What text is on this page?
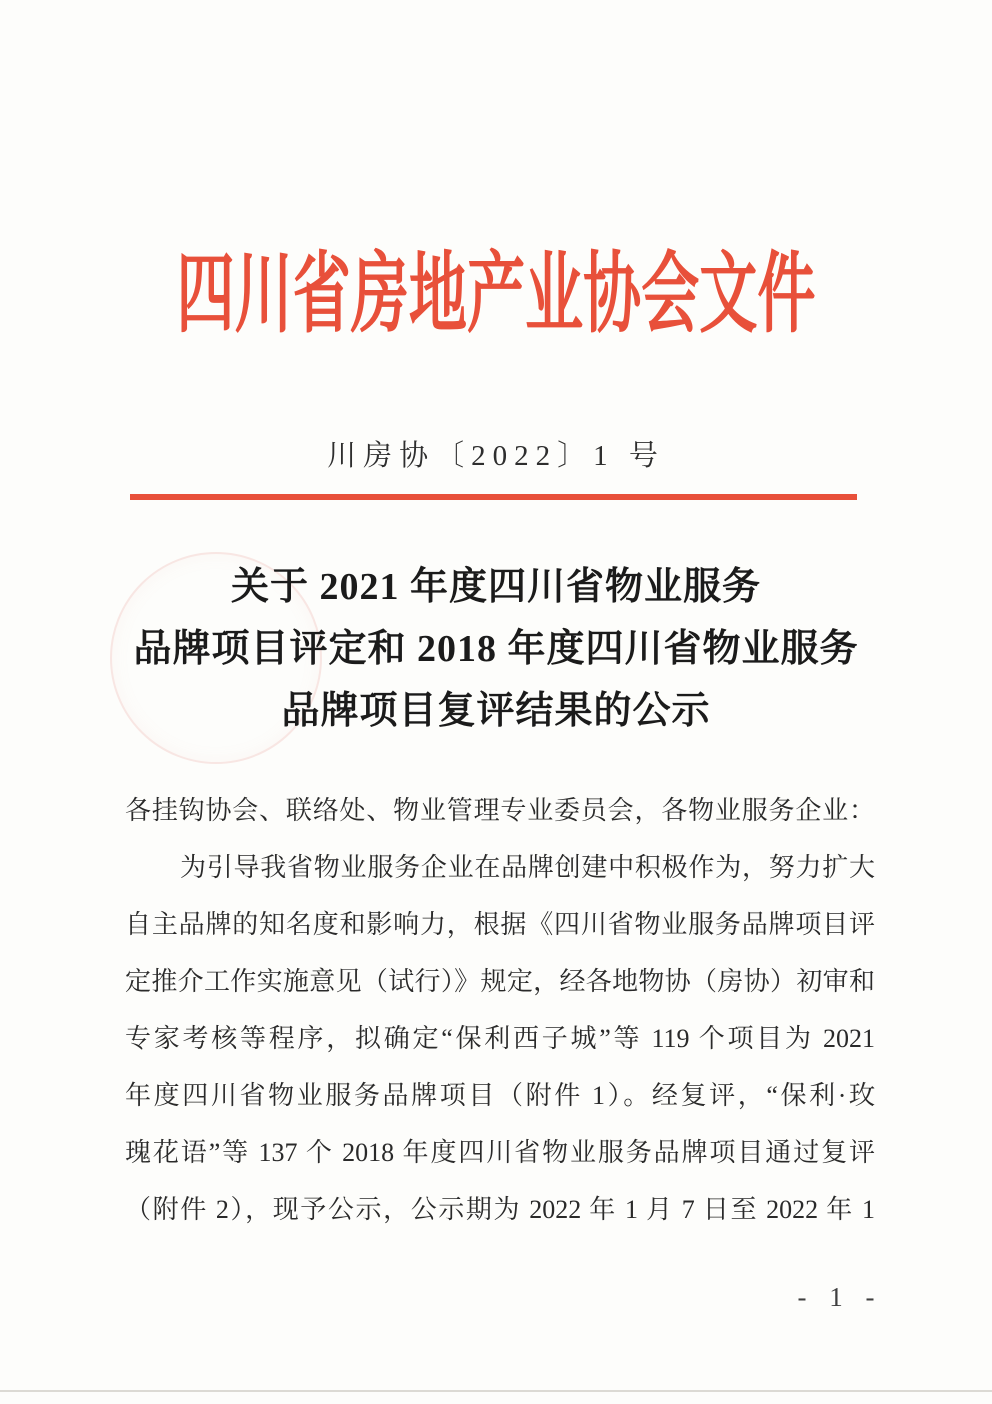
四川省房地产业协会文件
川房协〔2022〕1 号
关于 2021 年度四川省物业服务
品牌项目评定和 2018 年度四川省物业服务
品牌项目复评结果的公示
各挂钩协会、联络处、物业管理专业委员会，各物业服务企业：
为引导我省物业服务企业在品牌创建中积极作为，努力扩大
自主品牌的知名度和影响力，根据《四川省物业服务品牌项目评
定推介工作实施意见（试行）》规定，经各地物协（房协）初审和
专家考核等程序，拟确定“保利西子城”等 119 个项目为 2021
年度四川省物业服务品牌项目（附件 1）。经复评，“保利·玫
瑰花语”等 137 个 2018 年度四川省物业服务品牌项目通过复评
（附件 2），现予公示，公示期为 2022 年 1 月 7 日至 2022 年 1
- 1 -
